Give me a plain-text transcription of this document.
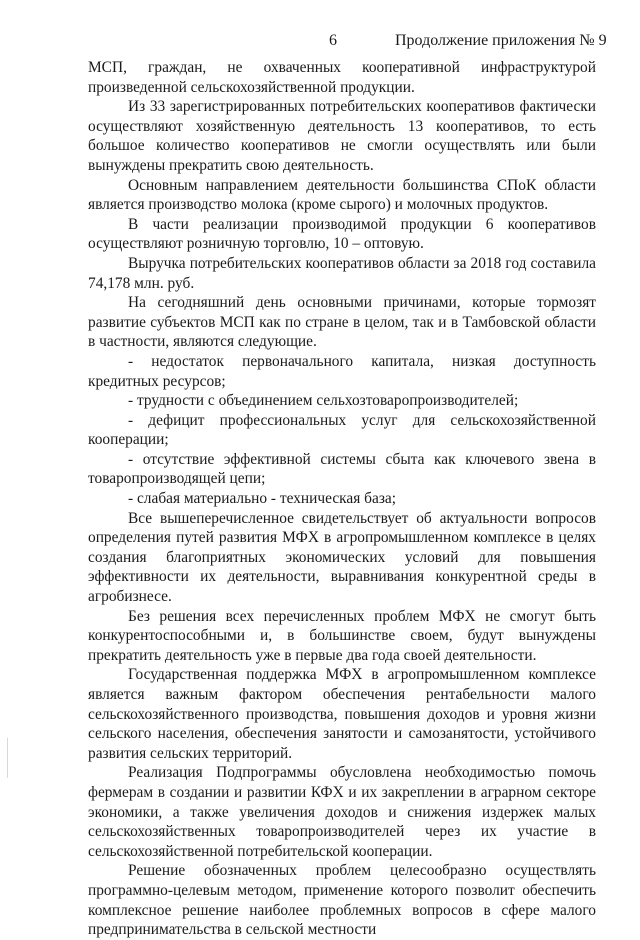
6	Продолжение приложения № 9

МСП, граждан, не охваченных кооперативной инфраструктурой произведенной сельскохозяйственной продукции.

Из 33 зарегистрированных потребительских кооперативов фактически осуществляют хозяйственную деятельность 13 кооперативов, то есть большое количество кооперативов не смогли осуществлять или были вынуждены прекратить свою деятельность.

Основным направлением деятельности большинства СПоК области является производство молока (кроме сырого) и молочных продуктов.

В части реализации производимой продукции 6 кооперативов осуществляют розничную торговлю, 10 – оптовую.

Выручка потребительских кооперативов области за 2018 год составила 74,178 млн. руб.

На сегодняшний день основными причинами, которые тормозят развитие субъектов МСП как по стране в целом, так и в Тамбовской области в частности, являются следующие.

- недостаток первоначального капитала, низкая доступность кредитных ресурсов;

- трудности с объединением сельхозтоваропроизводителей;

- дефицит профессиональных услуг для сельскохозяйственной кооперации;

- отсутствие эффективной системы сбыта как ключевого звена в товаропроизводящей цепи;

- слабая материально - техническая база;

Все вышеперечисленное свидетельствует об актуальности вопросов определения путей развития МФХ в агропромышленном комплексе в целях создания благоприятных экономических условий для повышения эффективности их деятельности, выравнивания конкурентной среды в агробизнесе.

Без решения всех перечисленных проблем МФХ не смогут быть конкурентоспособными и, в большинстве своем, будут вынуждены прекратить деятельность уже в первые два года своей деятельности.

Государственная поддержка МФХ в агропромышленном комплексе является важным фактором обеспечения рентабельности малого сельскохозяйственного производства, повышения доходов и уровня жизни сельского населения, обеспечения занятости и самозанятости, устойчивого развития сельских территорий.

Реализация Подпрограммы обусловлена необходимостью помочь фермерам в создании и развитии КФХ и их закреплении в аграрном секторе экономики, а также увеличения доходов и снижения издержек малых сельскохозяйственных товаропроизводителей через их участие в сельскохозяйственной потребительской кооперации.

Решение обозначенных проблем целесообразно осуществлять программно-целевым методом, применение которого позволит обеспечить комплексное решение наиболее проблемных вопросов в сфере малого предпринимательства в сельской местности
